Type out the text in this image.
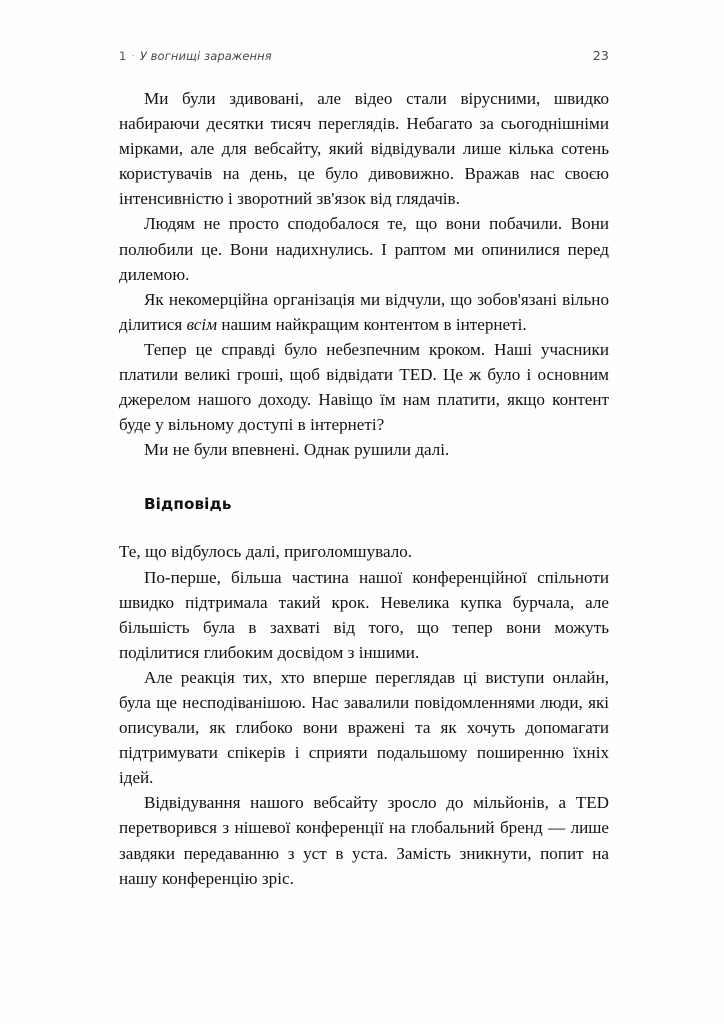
1 · У вогнищі зараження	23

Ми були здивовані, але відео стали вірусними, швидко набираючи десятки тисяч переглядів. Небагато за сьогоднішніми мірками, але для вебсайту, який відвідували лише кілька сотень користувачів на день, це було дивовижно. Вражав нас своєю інтенсивністю і зворотний зв'язок від глядачів.

Людям не просто сподобалося те, що вони побачили. Вони полюбили це. Вони надихнулись. І раптом ми опинилися перед дилемою.

Як некомерційна організація ми відчули, що зобов'язані вільно ділитися всім нашим найкращим контентом в інтернеті.

Тепер це справді було небезпечним кроком. Наші учасники платили великі гроші, щоб відвідати TED. Це ж було і основним джерелом нашого доходу. Навіщо їм нам платити, якщо контент буде у вільному доступі в інтернеті?

Ми не були впевнені. Однак рушили далі.

Відповідь

Те, що відбулось далі, приголомшувало.

По-перше, більша частина нашої конференційної спільноти швидко підтримала такий крок. Невелика купка бурчала, але більшість була в захваті від того, що тепер вони можуть поділитися глибоким досвідом з іншими.

Але реакція тих, хто вперше переглядав ці виступи онлайн, була ще несподіванішою. Нас завалили повідомленнями люди, які описували, як глибоко вони вражені та як хочуть допомагати підтримувати спікерів і сприяти подальшому поширенню їхніх ідей.

Відвідування нашого вебсайту зросло до мільйонів, а TED перетворився з нішевої конференції на глобальний бренд — лише завдяки передаванню з уст в уста. Замість зникнути, попит на нашу конференцію зріс.
